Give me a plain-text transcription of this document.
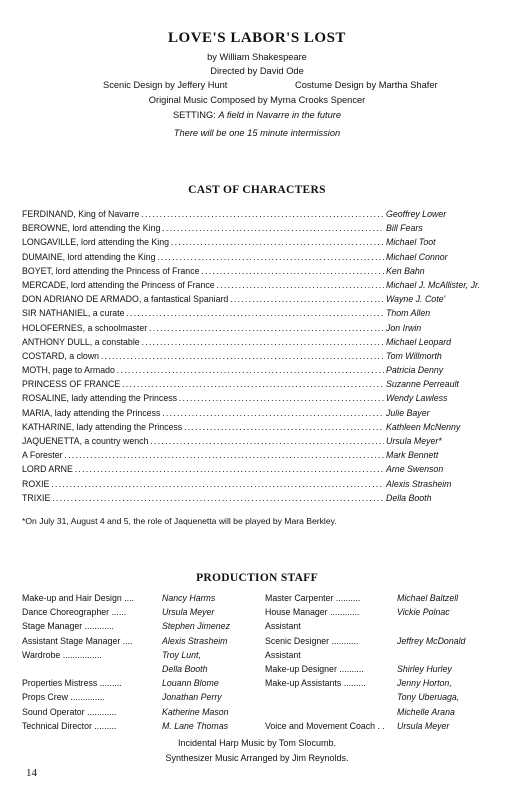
LOVE'S LABOR'S LOST
by William Shakespeare
Directed by David Ode
Scenic Design by Jeffery Hunt	Costume Design by Martha Shafer
Original Music Composed by Myrna Crooks Spencer
SETTING: A field in Navarre in the future
There will be one 15 minute intermission
CAST OF CHARACTERS
FERDINAND, King of Navarre . . .	Geoffrey Lower
BEROWNE, lord attending the King . . .	Bill Fears
LONGAVILLE, lord attending the King . . .	Michael Toot
DUMAINE, lord attending the King . . .	Michael Connor
BOYET, lord attending the Princess of France . . .	Ken Bahn
MERCADE, lord attending the Princess of France . . .	Michael J. McAllister, Jr.
DON ADRIANO DE ARMADO, a fantastical Spaniard . . .	Wayne J. Cote'
SIR NATHANIEL, a curate . . .	Thom Allen
HOLOFERNES, a schoolmaster . . .	Jon Irwin
ANTHONY DULL, a constable . . .	Michael Leopard
COSTARD, a clown . . .	Tom Willmorth
MOTH, page to Armado . . .	Patricia Denny
PRINCESS OF FRANCE . . .	Suzanne Perreault
ROSALINE, lady attending the Princess . . .	Wendy Lawless
MARIA, lady attending the Princess . . .	Julie Bayer
KATHARINE, lady attending the Princess . . .	Kathleen McNenny
JAQUENETTA, a country wench . . .	Ursula Meyer*
A Forester . . .	Mark Bennett
LORD ARNE . . .	Arne Swenson
ROXIE . . .	Alexis Strasheim
TRIXIE . . .	Della Booth
*On July 31, August 4 and 5, the role of Jaquenetta will be played by Mara Berkley.
PRODUCTION STAFF
Make-up and Hair Design ....	Nancy Harms
Dance Choreographer ......	Ursula Meyer
Stage Manager ............	Stephen Jimenez
Assistant Stage Manager ....	Alexis Strasheim
Wardrobe ................	Troy Lunt,
Della Booth
Properties Mistress .........	Louann Blome
Props Crew ..............	Jonathan Perry
Sound Operator ............	Katherine Mason
Technical Director .........	M. Lane Thomas
Master Carpenter ..........	Michael Baltzell
House Manager ............	Vickie Polnac
Assistant
Scenic Designer ...........	Jeffrey McDonald
Assistant
Make-up Designer ..........	Shirley Hurley
Make-up Assistants .........	Jenny Horton,
Tony Uberuaga,
Michelle Arana
Voice and Movement Coach . . Ursula Meyer
Incidental Harp Music by Tom Slocumb.
Synthesizer Music Arranged by Jim Reynolds.
14
